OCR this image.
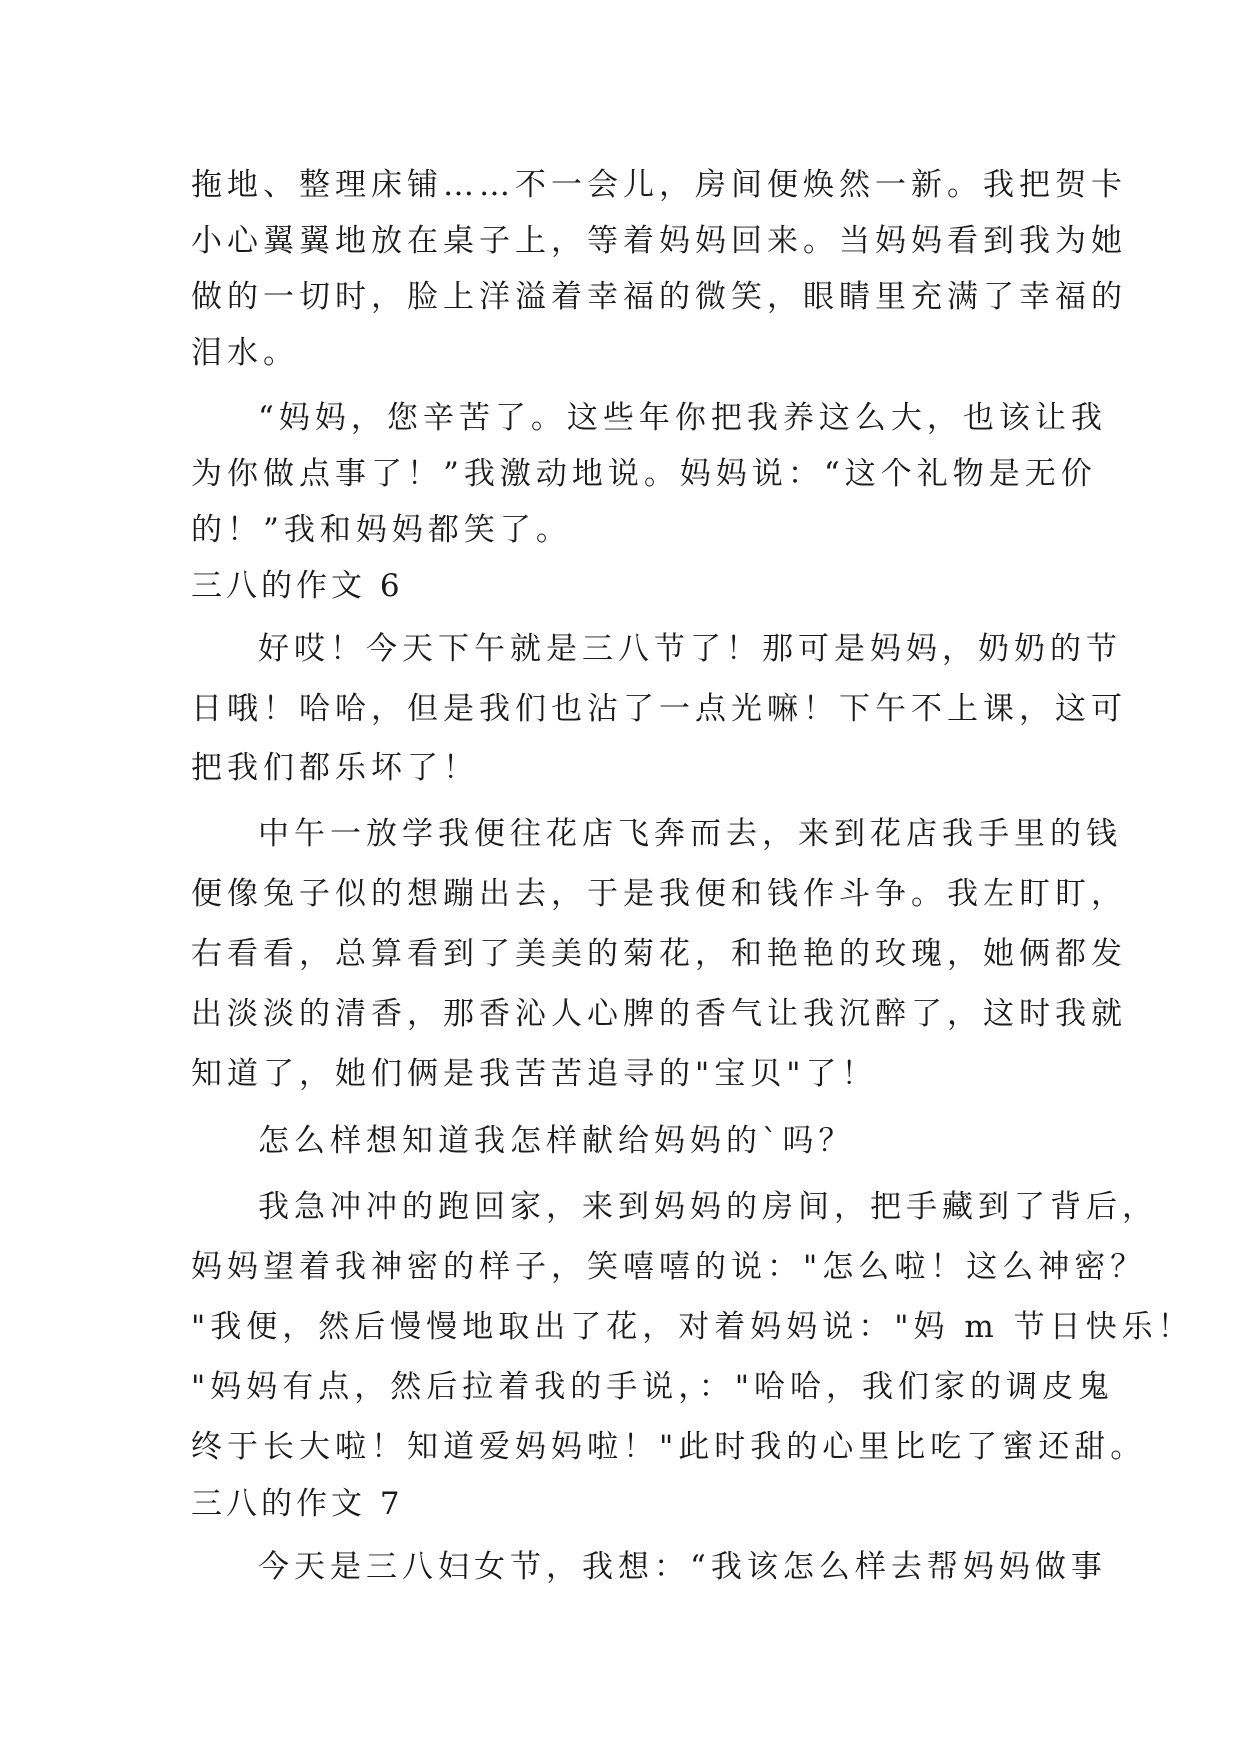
拖地、整理床铺……不一会儿，房间便焕然一新。我把贺卡

小心翼翼地放在桌子上，等着妈妈回来。当妈妈看到我为她

做的一切时，脸上洋溢着幸福的微笑，眼睛里充满了幸福的

泪水。

“妈妈，您辛苦了。这些年你把我养这么大，也该让我

为你做点事了！”我激动地说。妈妈说：“这个礼物是无价

的！”我和妈妈都笑了。

三八的作文 6

好哎！今天下午就是三八节了！那可是妈妈，奶奶的节

日哦！哈哈，但是我们也沾了一点光嘛！下午不上课，这可

把我们都乐坏了！

中午一放学我便往花店飞奔而去，来到花店我手里的钱

便像兔子似的想蹦出去，于是我便和钱作斗争。我左盯盯，

右看看，总算看到了美美的菊花，和艳艳的玫瑰，她俩都发

出淡淡的清香，那香沁人心脾的香气让我沉醉了，这时我就

知道了，她们俩是我苦苦追寻的"宝贝"了！

怎么样想知道我怎样献给妈妈的`吗？

我急冲冲的跑回家，来到妈妈的房间，把手藏到了背后，

妈妈望着我神密的样子，笑嘻嘻的说："怎么啦！这么神密？

"我便，然后慢慢地取出了花，对着妈妈说："妈 m 节日快乐！

"妈妈有点，然后拉着我的手说，："哈哈，我们家的调皮鬼

终于长大啦！知道爱妈妈啦！"此时我的心里比吃了蜜还甜。

三八的作文 7

今天是三八妇女节，我想：“我该怎么样去帮妈妈做事
